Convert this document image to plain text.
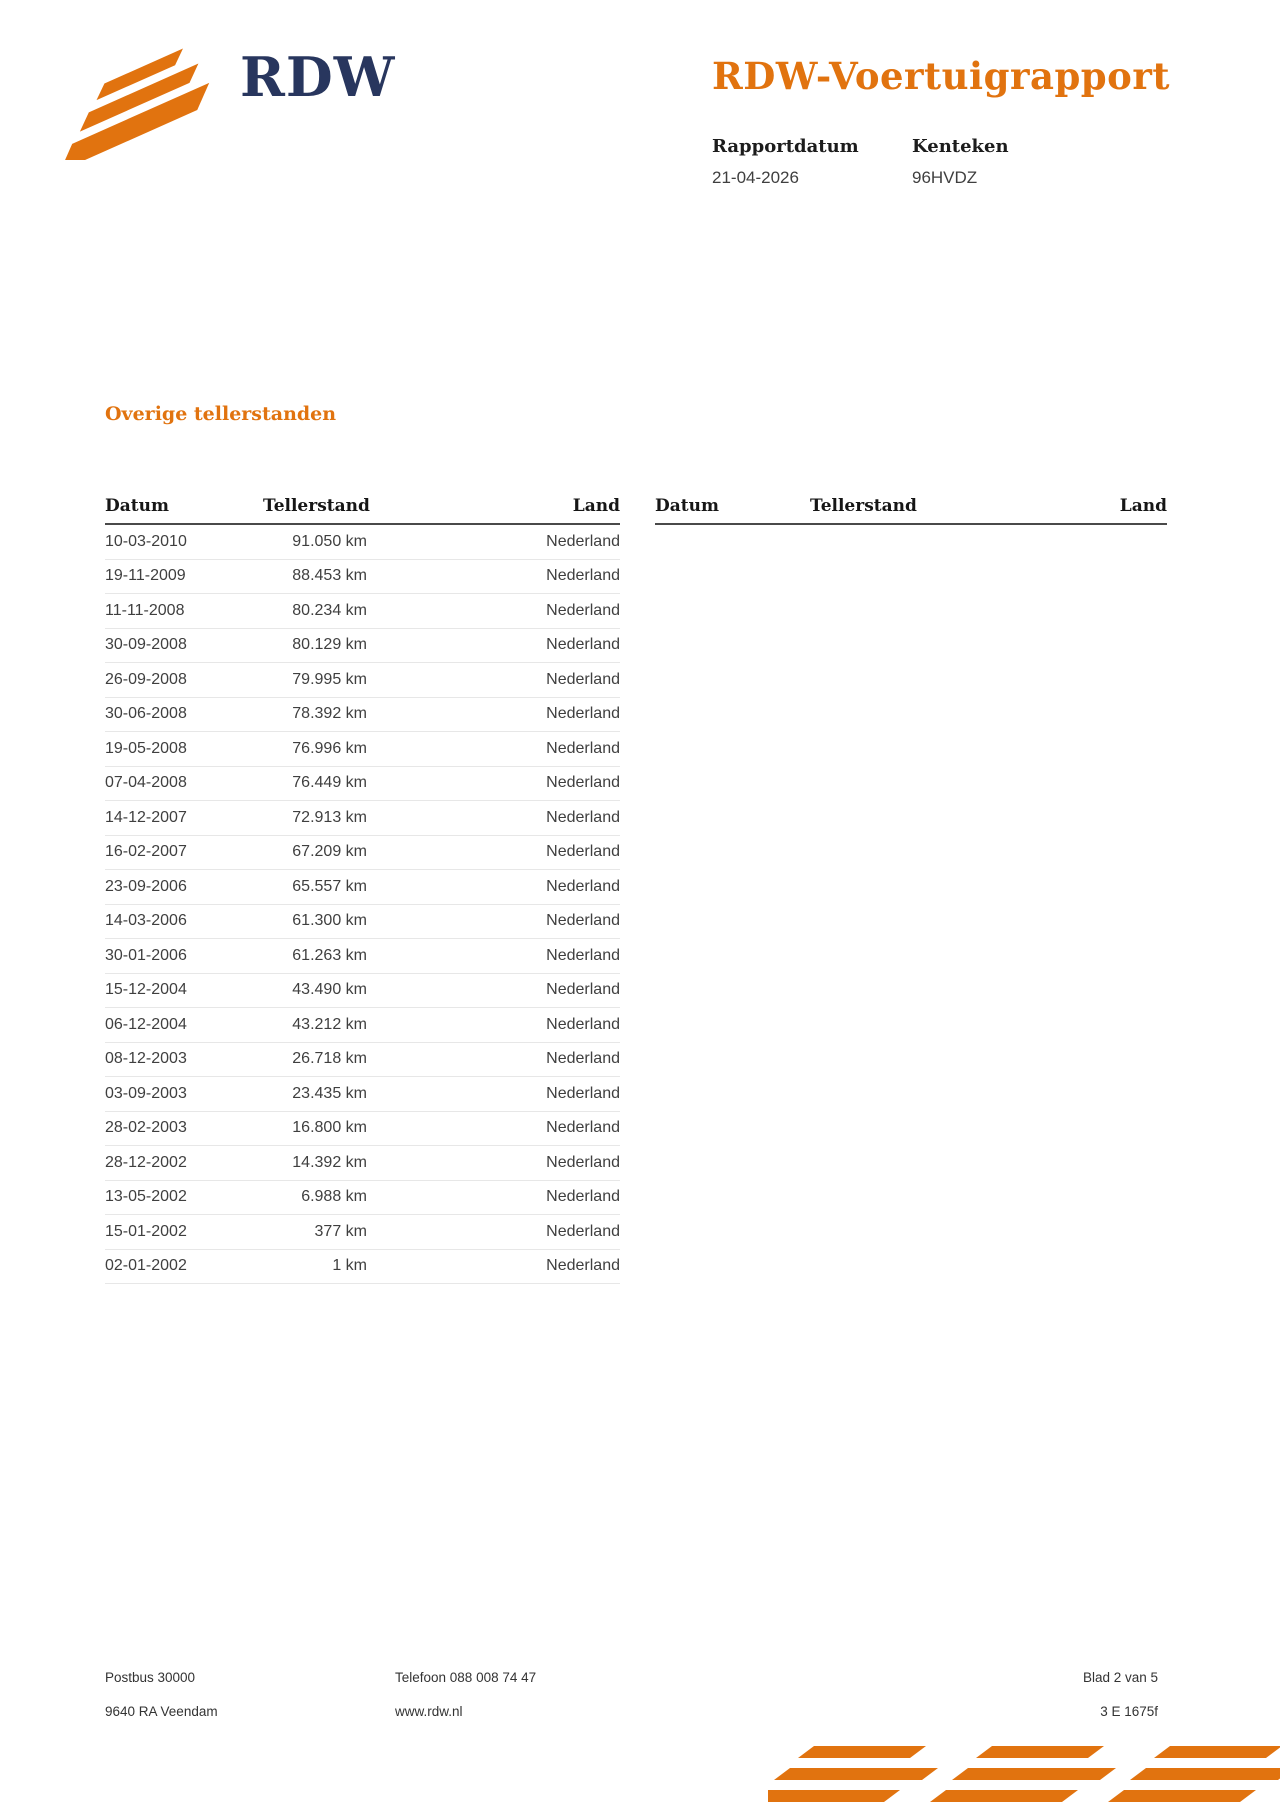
RDW	RDW-Voertuigrapport
Rapportdatum
21-04-2026
Kenteken
96HVDZ
Overige tellerstanden
Datum	Tellerstand	Land
10-03-2010	91.050 km	Nederland
19-11-2009	88.453 km	Nederland
11-11-2008	80.234 km	Nederland
30-09-2008	80.129 km	Nederland
26-09-2008	79.995 km	Nederland
30-06-2008	78.392 km	Nederland
19-05-2008	76.996 km	Nederland
07-04-2008	76.449 km	Nederland
14-12-2007	72.913 km	Nederland
16-02-2007	67.209 km	Nederland
23-09-2006	65.557 km	Nederland
14-03-2006	61.300 km	Nederland
30-01-2006	61.263 km	Nederland
15-12-2004	43.490 km	Nederland
06-12-2004	43.212 km	Nederland
08-12-2003	26.718 km	Nederland
03-09-2003	23.435 km	Nederland
28-02-2003	16.800 km	Nederland
28-12-2002	14.392 km	Nederland
13-05-2002	6.988 km	Nederland
15-01-2002	377 km	Nederland
02-01-2002	1 km	Nederland
Datum	Tellerstand	Land
Postbus 30000
9640 RA Veendam
Telefoon 088 008 74 47
www.rdw.nl
Blad 2 van 5
3 E 1675f
